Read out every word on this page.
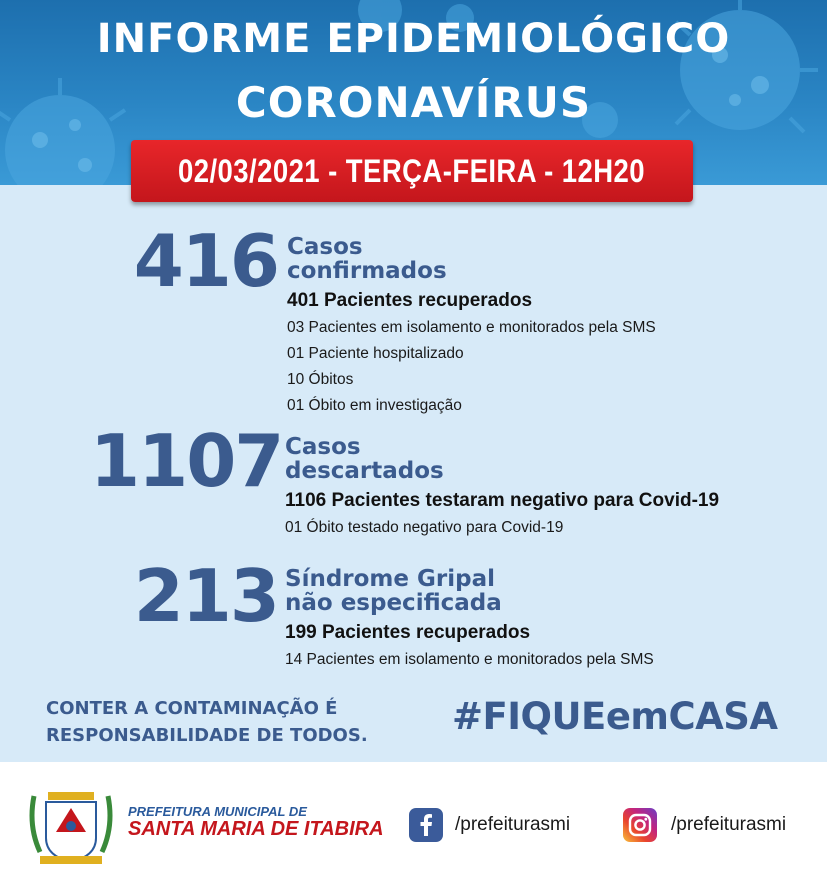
INFORME EPIDEMIOLÓGICO
CORONAVÍRUS
416 Casos
confirmados
401 Pacientes recuperados
03 Pacientes em isolamento e monitorados pela SMS
01 Paciente hospitalizado
10 Óbitos
01 Óbito em investigação
1107 Casos
descartados
1106 Pacientes testaram negativo para Covid-19
01 Óbito testado negativo para Covid-19
213 Síndrome Gripal
não especificada
199 Pacientes recuperados
14 Pacientes em isolamento e monitorados pela SMS
CONTER A CONTAMINAÇÃO É
RESPONSABILIDADE DE TODOS. #FIQUEemCASA
02/03/2021 - TERÇA-FEIRA - 12H20
PREFEITURA MUNICIPAL DE
SANTA MARIA DE ITABIRA	/prefeiturasmi	/prefeiturasmi
